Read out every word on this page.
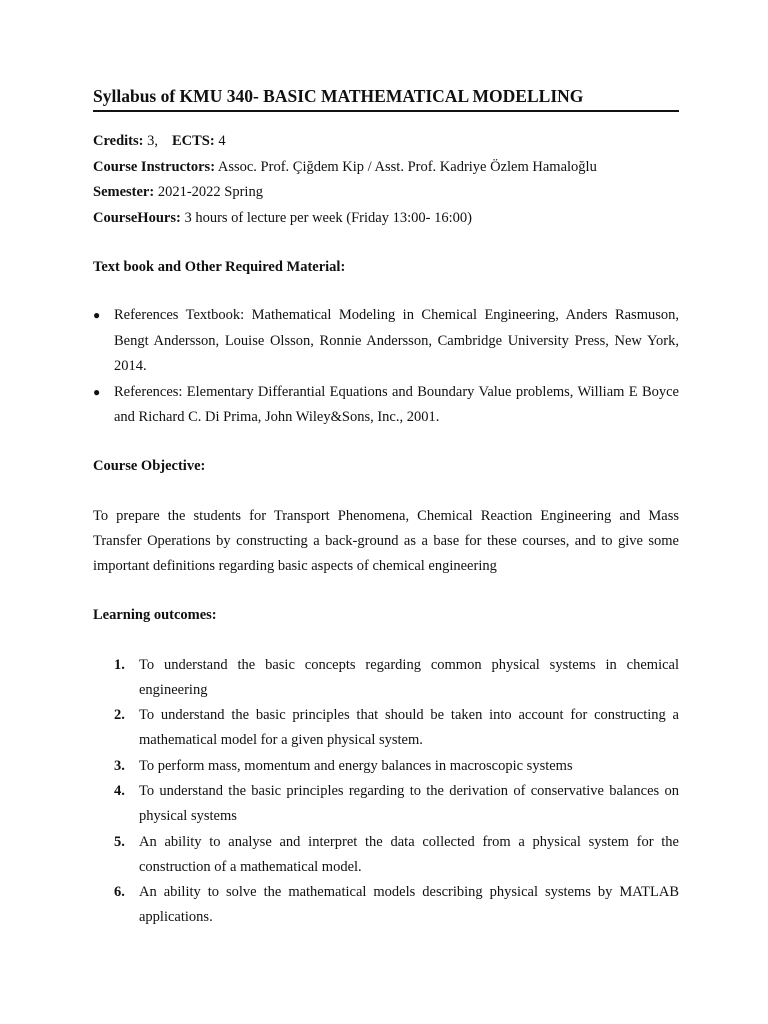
Syllabus of KMU 340- BASIC MATHEMATICAL MODELLING
Credits: 3, ECTS: 4
Course Instructors: Assoc. Prof. Çiğdem Kip / Asst. Prof. Kadriye Özlem Hamaloğlu
Semester: 2021-2022 Spring
CourseHours: 3 hours of lecture per week (Friday 13:00- 16:00)
Text book and Other Required Material:
● References Textbook: Mathematical Modeling in Chemical Engineering, Anders Rasmuson, Bengt Andersson, Louise Olsson, Ronnie Andersson, Cambridge University Press, New York, 2014.
● References: Elementary Differantial Equations and Boundary Value problems, William E Boyce and Richard C. Di Prima, John Wiley&Sons, Inc., 2001.
Course Objective:
To prepare the students for Transport Phenomena, Chemical Reaction Engineering and Mass Transfer Operations by constructing a back-ground as a base for these courses, and to give some important definitions regarding basic aspects of chemical engineering
Learning outcomes:
1. To understand the basic concepts regarding common physical systems in chemical engineering
2. To understand the basic principles that should be taken into account for constructing a mathematical model for a given physical system.
3. To perform mass, momentum and energy balances in macroscopic systems
4. To understand the basic principles regarding to the derivation of conservative balances on physical systems
5. An ability to analyse and interpret the data collected from a physical system for the construction of a mathematical model.
6. An ability to solve the mathematical models describing physical systems by MATLAB applications.
